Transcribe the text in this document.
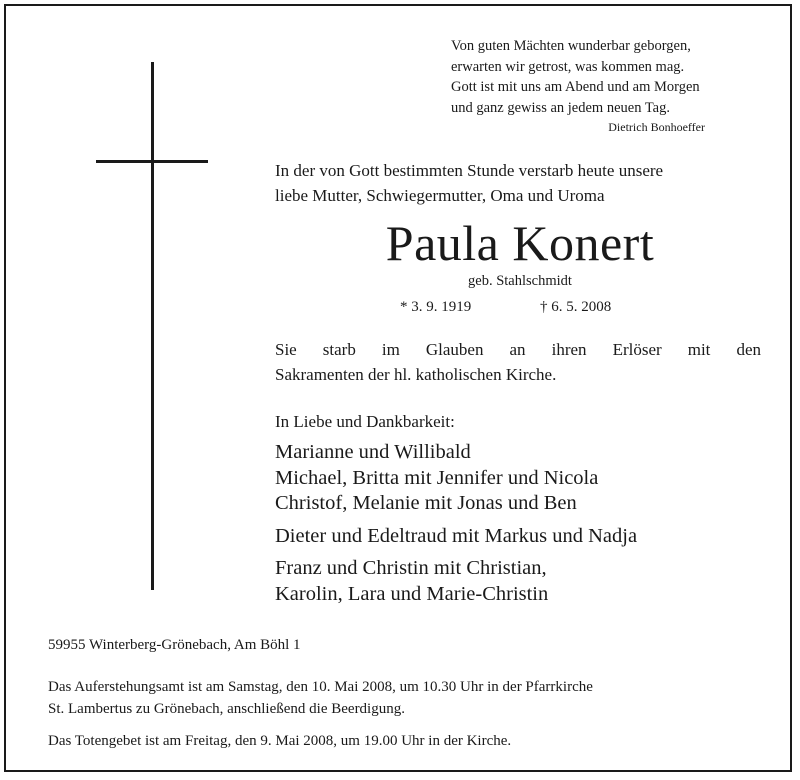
Von guten Mächten wunderbar geborgen,
erwarten wir getrost, was kommen mag.
Gott ist mit uns am Abend und am Morgen
und ganz gewiss an jedem neuen Tag.
Dietrich Bonhoeffer
In der von Gott bestimmten Stunde verstarb heute unsere
liebe Mutter, Schwiegermutter, Oma und Uroma
Paula Konert
geb. Stahlschmidt
* 3. 9. 1919	† 6. 5. 2008
Sie starb im Glauben an ihren Erlöser mit den
Sakramenten der hl. katholischen Kirche.
In Liebe und Dankbarkeit:
Marianne und Willibald
Michael, Britta mit Jennifer und Nicola
Christof, Melanie mit Jonas und Ben
Dieter und Edeltraud mit Markus und Nadja
Franz und Christin mit Christian,
Karolin, Lara und Marie-Christin
59955 Winterberg-Grönebach, Am Böhl 1
Das Auferstehungsamt ist am Samstag, den 10. Mai 2008, um 10.30 Uhr in der Pfarrkirche
St. Lambertus zu Grönebach, anschließend die Beerdigung.
Das Totengebet ist am Freitag, den 9. Mai 2008, um 19.00 Uhr in der Kirche.
